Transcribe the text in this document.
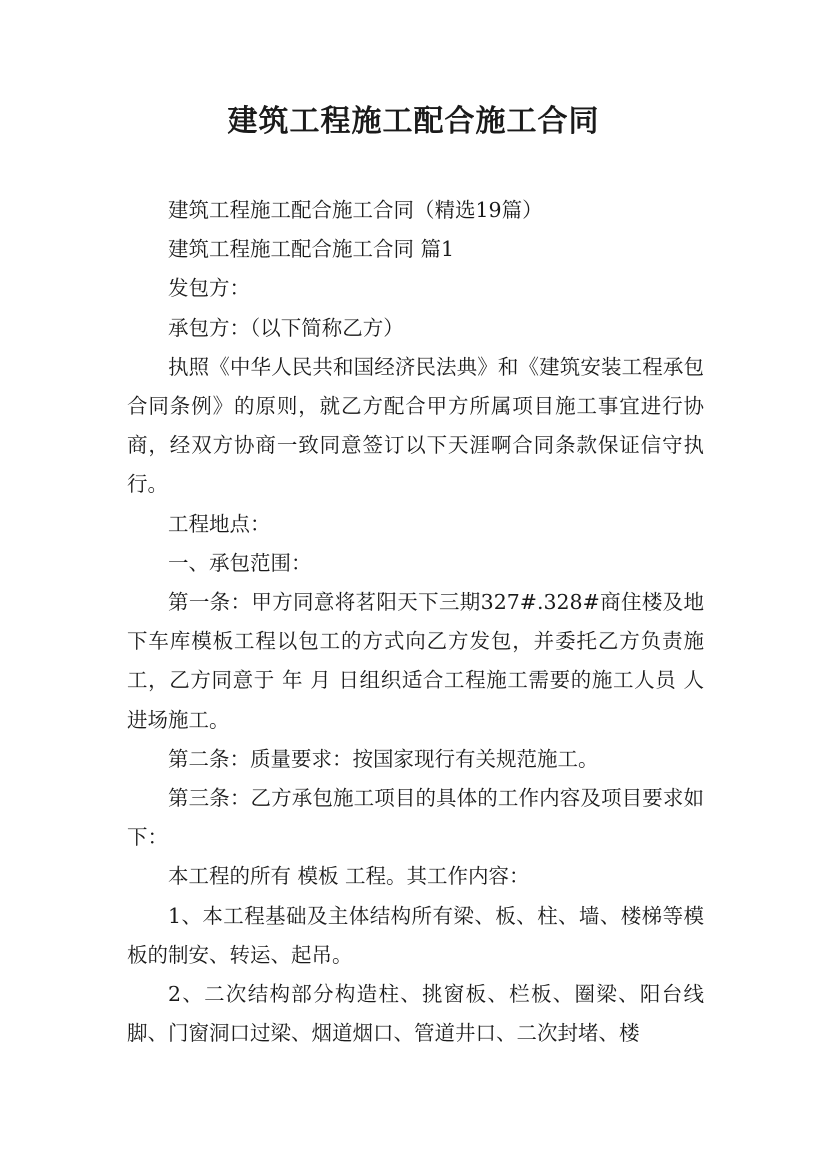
建筑工程施工配合施工合同

建筑工程施工配合施工合同（精选19篇）

建筑工程施工配合施工合同 篇1

发包方：

承包方：（以下简称乙方）

执照《中华人民共和国经济民法典》和《建筑安装工程承包合同条例》的原则，就乙方配合甲方所属项目施工事宜进行协商，经双方协商一致同意签订以下天涯啊合同条款保证信守执行。

工程地点：

一、承包范围：

第一条：甲方同意将茗阳天下三期327#.328#商住楼及地下车库模板工程以包工的方式向乙方发包，并委托乙方负责施工，乙方同意于 年 月 日组织适合工程施工需要的施工人员 人进场施工。

第二条：质量要求：按国家现行有关规范施工。

第三条：乙方承包施工项目的具体的工作内容及项目要求如下：

本工程的所有 模板 工程。其工作内容：

1、本工程基础及主体结构所有梁、板、柱、墙、楼梯等模板的制安、转运、起吊。

2、二次结构部分构造柱、挑窗板、栏板、圈梁、阳台线脚、门窗洞口过梁、烟道烟口、管道井口、二次封堵、楼
